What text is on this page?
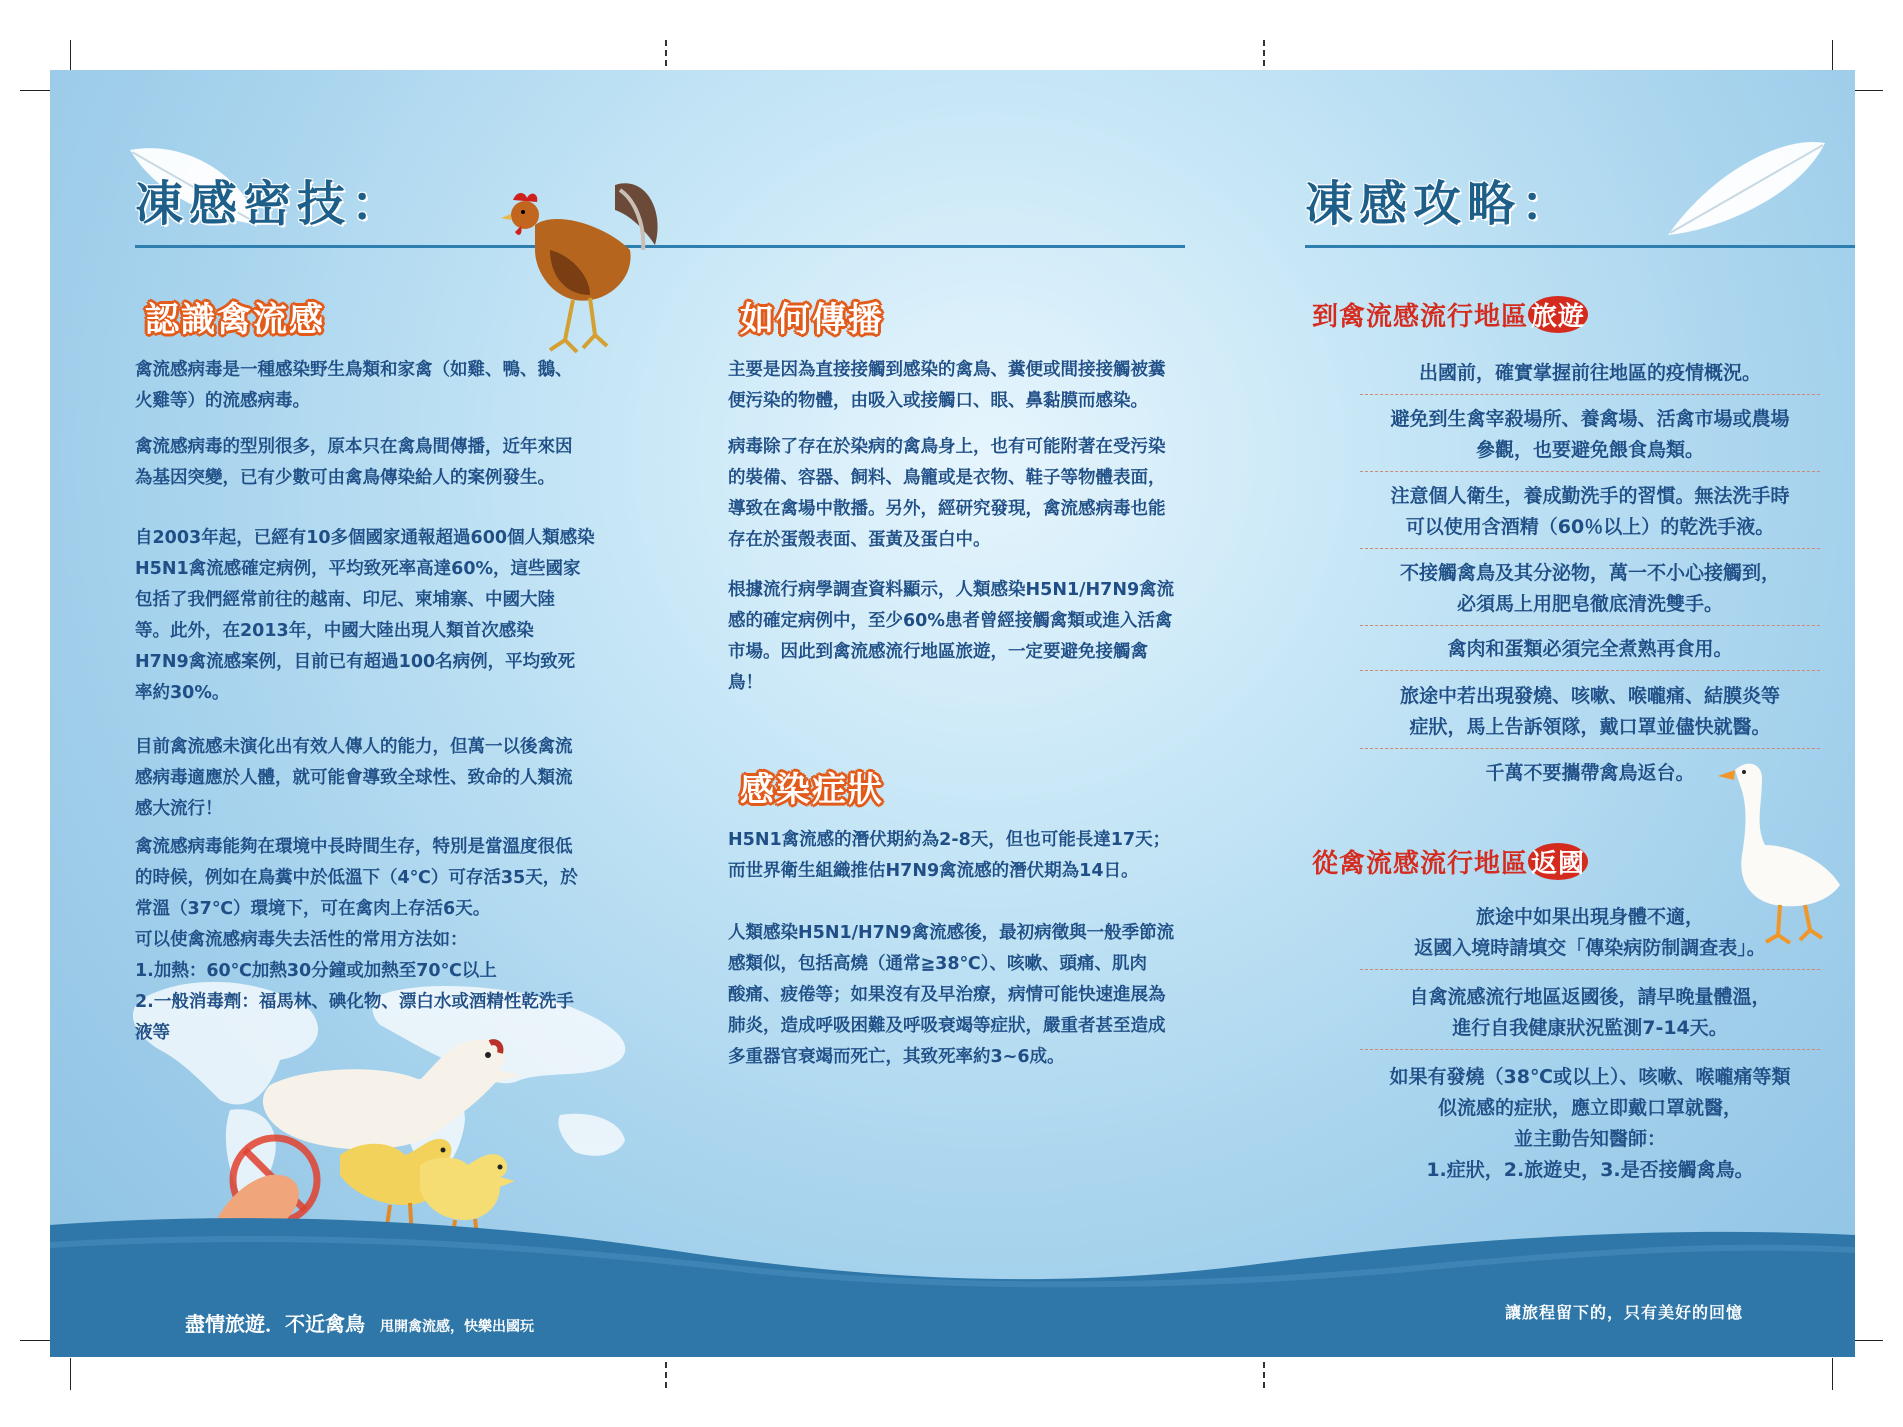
凍感密技：
認識禽流感
禽流感病毒是一種感染野生鳥類和家禽（如雞、鴨、鵝、
火雞等）的流感病毒。
禽流感病毒的型別很多，原本只在禽鳥間傳播，近年來因
為基因突變，已有少數可由禽鳥傳染給人的案例發生。
自2003年起，已經有10多個國家通報超過600個人類感染
H5N1禽流感確定病例，平均致死率高達60%，這些國家
包括了我們經常前往的越南、印尼、柬埔寨、中國大陸
等。此外，在2013年，中國大陸出現人類首次感染
H7N9禽流感案例，目前已有超過100名病例，平均致死
率約30%。
目前禽流感未演化出有效人傳人的能力，但萬一以後禽流
感病毒適應於人體，就可能會導致全球性、致命的人類流
感大流行！
禽流感病毒能夠在環境中長時間生存，特別是當溫度很低
的時候，例如在鳥糞中於低溫下（4℃）可存活35天，於
常溫（37℃）環境下，可在禽肉上存活6天。
可以使禽流感病毒失去活性的常用方法如：
1.加熱：60℃加熱30分鐘或加熱至70℃以上
2.一般消毒劑：福馬林、碘化物、漂白水或酒精性乾洗手
液等
如何傳播
主要是因為直接接觸到感染的禽鳥、糞便或間接接觸被糞
便污染的物體，由吸入或接觸口、眼、鼻黏膜而感染。
病毒除了存在於染病的禽鳥身上，也有可能附著在受污染
的裝備、容器、飼料、鳥籠或是衣物、鞋子等物體表面，
導致在禽場中散播。另外，經研究發現，禽流感病毒也能
存在於蛋殼表面、蛋黃及蛋白中。
根據流行病學調查資料顯示，人類感染H5N1/H7N9禽流
感的確定病例中，至少60%患者曾經接觸禽類或進入活禽
市場。因此到禽流感流行地區旅遊，一定要避免接觸禽
鳥！
感染症狀
H5N1禽流感的潛伏期約為2-8天，但也可能長達17天；
而世界衛生組織推估H7N9禽流感的潛伏期為14日。
人類感染H5N1/H7N9禽流感後，最初病徵與一般季節流
感類似，包括高燒（通常≧38℃）、咳嗽、頭痛、肌肉
酸痛、疲倦等；如果沒有及早治療，病情可能快速進展為
肺炎，造成呼吸困難及呼吸衰竭等症狀，嚴重者甚至造成
多重器官衰竭而死亡，其致死率約3~6成。
凍感攻略：
到禽流感流行地區 旅遊
出國前，確實掌握前往地區的疫情概況。
避免到生禽宰殺場所、養禽場、活禽市場或農場
參觀，也要避免餵食鳥類。
注意個人衛生，養成勤洗手的習慣。無法洗手時
可以使用含酒精（60％以上）的乾洗手液。
不接觸禽鳥及其分泌物，萬一不小心接觸到，
必須馬上用肥皂徹底清洗雙手。
禽肉和蛋類必須完全煮熟再食用。
旅途中若出現發燒、咳嗽、喉嚨痛、結膜炎等
症狀，馬上告訴領隊，戴口罩並儘快就醫。
千萬不要攜帶禽鳥返台。
從禽流感流行地區 返國
旅途中如果出現身體不適，
返國入境時請填交「傳染病防制調查表」。
自禽流感流行地區返國後，請早晚量體溫，
進行自我健康狀況監測7-14天。
如果有發燒（38℃或以上）、咳嗽、喉嚨痛等類
似流感的症狀，應立即戴口罩就醫，
並主動告知醫師：
1.症狀，2.旅遊史，3.是否接觸禽鳥。
盡情旅遊．不近禽鳥 甩開禽流感，快樂出國玩
讓旅程留下的，只有美好的回憶
